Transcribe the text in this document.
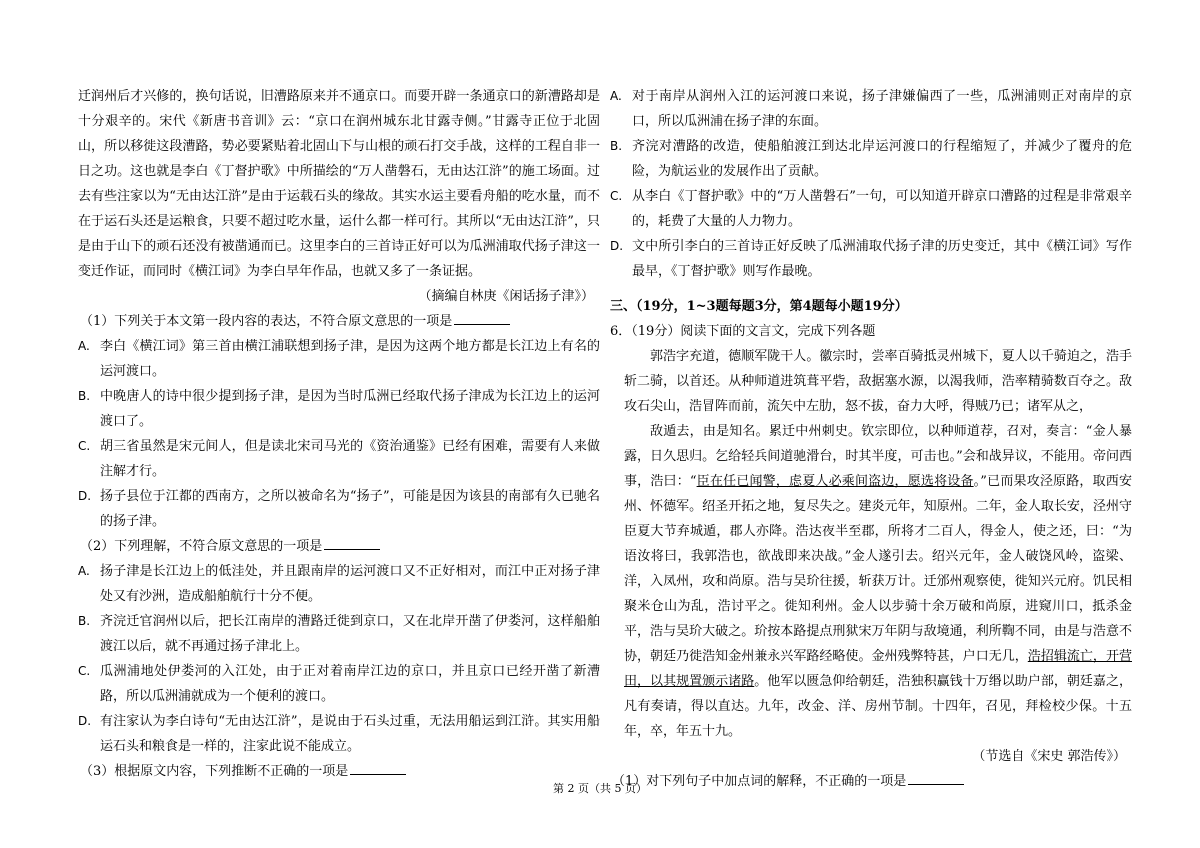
迁润州后才兴修的，换句话说，旧漕路原来并不通京口。而要开辟一条通京口的新漕路却是十分艰辛的。宋代《新唐书音训》云：“京口在润州城东北甘露寺侧。”甘露寺正位于北固山，所以移徙这段漕路，势必要紧贴着北固山下与山根的顽石打交手战，这样的工程自非一日之功。这也就是李白《丁督护歌》中所描绘的“万人凿磐石，无由达江浒”的施工场面。过去有些注家以为“无由达江浒”是由于运载石头的缘故。其实水运主要看舟船的吃水量，而不在于运石头还是运粮食，只要不超过吃水量，运什么都一样可行。其所以“无由达江浒”，只是由于山下的顽石还没有被凿通而已。这里李白的三首诗正好可以为瓜洲浦取代扬子津这一变迁作证，而同时《横江词》为李白早年作品，也就又多了一条证据。

（摘编自林庚《闲话扬子津》）

（1）下列关于本文第一段内容的表达，不符合原文意思的一项是

A. 李白《横江词》第三首由横江浦联想到扬子津，是因为这两个地方都是长江边上有名的运河渡口。
B. 中晚唐人的诗中很少提到扬子津，是因为当时瓜洲已经取代扬子津成为长江边上的运河渡口了。
C. 胡三省虽然是宋元间人，但是读北宋司马光的《资治通鉴》已经有困难，需要有人来做注解才行。
D. 扬子县位于江都的西南方，之所以被命名为“扬子”，可能是因为该县的南部有久已驰名的扬子津。

（2）下列理解，不符合原文意思的一项是

A. 扬子津是长江边上的低洼处，并且跟南岸的运河渡口又不正好相对，而江中正对扬子津处又有沙洲，造成船舶航行十分不便。
B. 齐浣迁官润州以后，把长江南岸的漕路迁徙到京口，又在北岸开凿了伊娄河，这样船舶渡江以后，就不再通过扬子津北上。
C. 瓜洲浦地处伊娄河的入江处，由于正对着南岸江边的京口，并且京口已经开凿了新漕路，所以瓜洲浦就成为一个便利的渡口。
D. 有注家认为李白诗句“无由达江浒”，是说由于石头过重，无法用船运到江浒。其实用船运石头和粮食是一样的，注家此说不能成立。

（3）根据原文内容，下列推断不正确的一项是

A. 对于南岸从润州入江的运河渡口来说，扬子津嫌偏西了一些，瓜洲浦则正对南岸的京口，所以瓜洲浦在扬子津的东面。
B. 齐浣对漕路的改造，使船舶渡江到达北岸运河渡口的行程缩短了，并减少了覆舟的危险，为航运业的发展作出了贡献。
C. 从李白《丁督护歌》中的“万人凿磐石”一句，可以知道开辟京口漕路的过程是非常艰辛的，耗费了大量的人力物力。
D. 文中所引李白的三首诗正好反映了瓜洲浦取代扬子津的历史变迁，其中《横江词》写作最早，《丁督护歌》则写作最晚。

三、（19分，1~3题每题3分，第4题每小题19分）

6．（19分）阅读下面的文言文，完成下列各题

郭浩字充道，德顺军陇干人。徽宗时，尝率百骑抵灵州城下，夏人以千骑迫之，浩手斩二骑，以首还。从种师道进筑葺平砦，敌据塞水源，以渴我师，浩率精骑数百夺之。敌攻石尖山，浩冒阵而前，流矢中左肋，怒不拔，奋力大呼，得贼乃已；诸军从之，

敌遁去，由是知名。累迁中州刺史。钦宗即位，以种师道荐，召对，奏言：“金人暴露，日久思归。乞给轻兵间道驰滑台，时其半度，可击也。”会和战异议，不能用。帝问西事，浩曰：“臣在任已闻警，虑夏人必乘间盗边，愿选将设备。”已而果攻泾原路，取西安州、怀德军。绍圣开拓之地，复尽失之。建炎元年，知原州。二年，金人取长安，泾州守臣夏大节弃城遁，郡人亦降。浩达夜半至郡，所将才二百人，得金人，使之还，曰：“为语汝将曰，我郭浩也，欲战即来决战。”金人遂引去。绍兴元年，金人破饶风岭，盗梁、洋，入凤州，攻和尚原。浩与吴玠往援，斩获万计。迁邠州观察使，徙知兴元府。饥民相聚米仓山为乱，浩讨平之。徙知利州。金人以步骑十余万破和尚原，进窥川口，抵杀金平，浩与吴玠大破之。玠按本路提点刑狱宋万年阴与敌境通，利所鞫不同，由是与浩意不协，朝廷乃徙浩知金州兼永兴军路经略使。金州残弊特甚，户口无几，浩招辑流亡，开营田，以其规置颁示诸路。他军以匮急仰给朝廷，浩独积赢钱十万缗以助户部，朝廷嘉之，凡有奏请，得以直达。九年，改金、洋、房州节制。十四年，召见，拜检校少保。十五年，卒，年五十九。

（节选自《宋史 郭浩传》）

（1）对下列句子中加点词的解释，不正确的一项是

第 2 页（共 5 页）
